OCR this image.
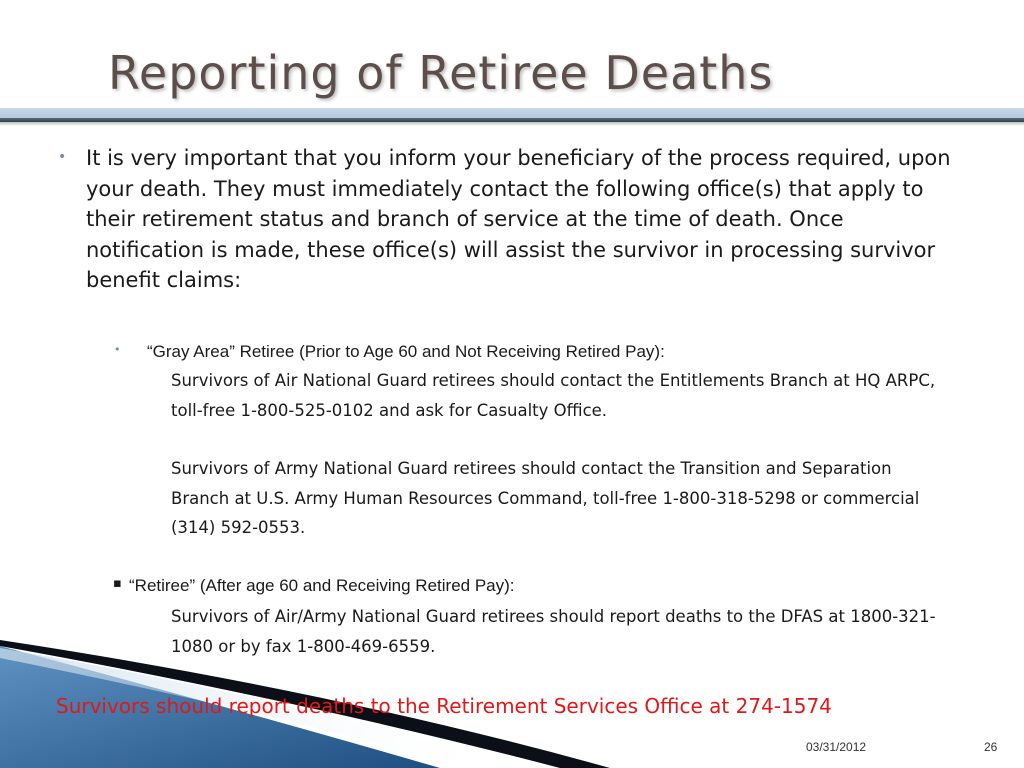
Reporting of Retiree Deaths
• It is very important that you inform your beneficiary of the process required, upon your death. They must immediately contact the following office(s) that apply to their retirement status and branch of service at the time of death. Once notification is made, these office(s) will assist the survivor in processing survivor benefit claims:
• “Gray Area” Retiree (Prior to Age 60 and Not Receiving Retired Pay):
Survivors of Air National Guard retirees should contact the Entitlements Branch at HQ ARPC, toll-free 1-800-525-0102 and ask for Casualty Office.
Survivors of Army National Guard retirees should contact the Transition and Separation Branch at U.S. Army Human Resources Command, toll-free 1-800-318-5298 or commercial (314) 592-0553.
▪ “Retiree” (After age 60 and Receiving Retired Pay):
Survivors of Air/Army National Guard retirees should report deaths to the DFAS at 1800-321-1080 or by fax 1-800-469-6559.
Survivors should report deaths to the Retirement Services Office at 274-1574
03/31/2012	26
